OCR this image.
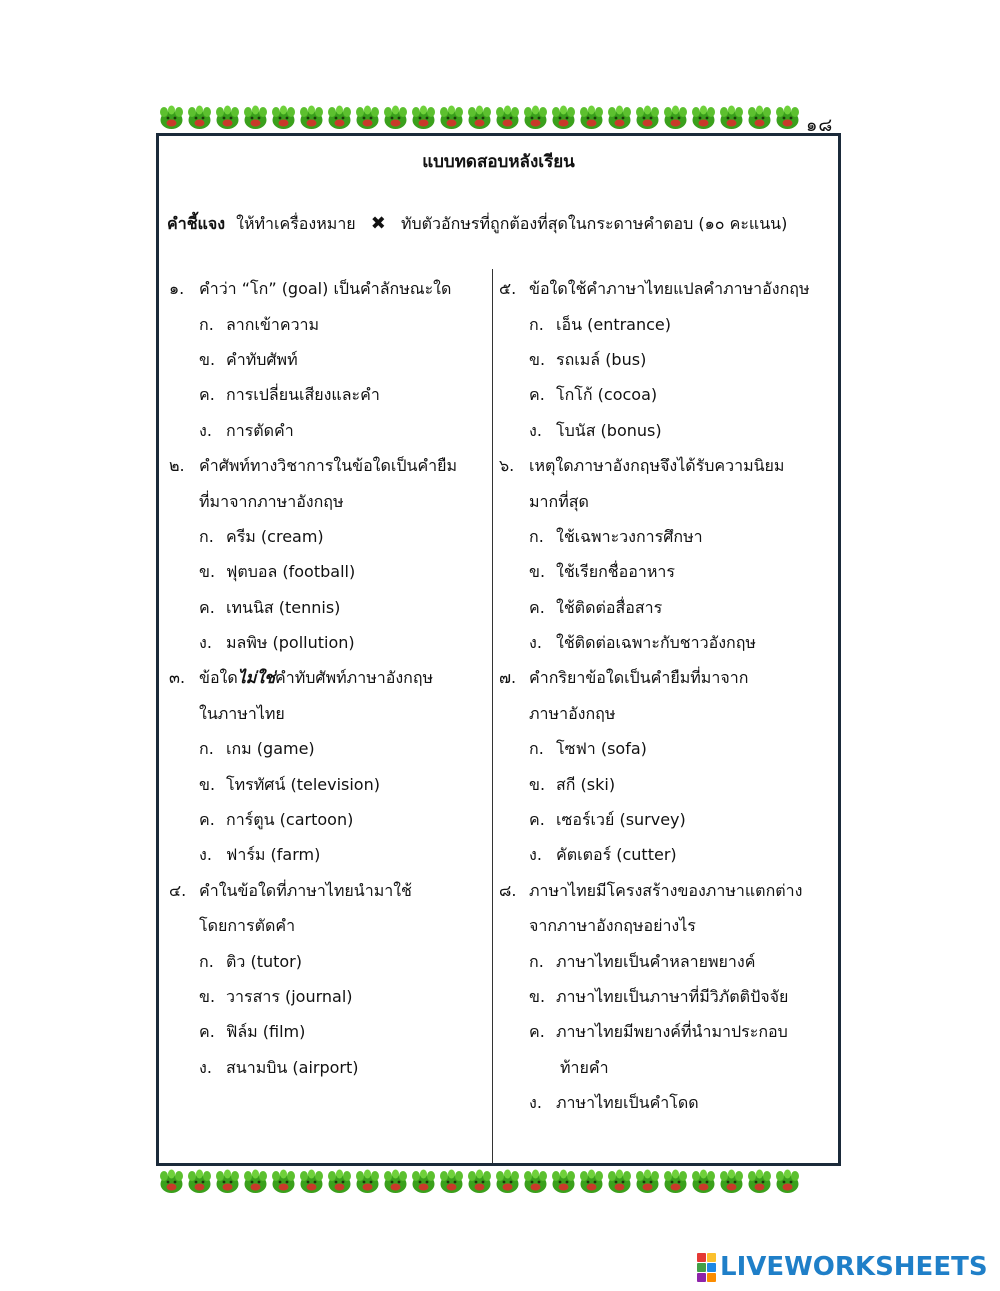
๑๘
แบบทดสอบหลังเรียน
คำชี้แจง ให้ทำเครื่องหมาย ✖ ทับตัวอักษรที่ถูกต้องที่สุดในกระดาษคำตอบ (๑๐ คะแนน)
๑. คำว่า “โก” (goal) เป็นคำลักษณะใด
ก. ลากเข้าความ
ข. คำทับศัพท์
ค. การเปลี่ยนเสียงและคำ
ง. การตัดคำ
๒. คำศัพท์ทางวิชาการในข้อใดเป็นคำยืม
ที่มาจากภาษาอังกฤษ
ก. ครีม (cream)
ข. ฟุตบอล (football)
ค. เทนนิส (tennis)
ง. มลพิษ (pollution)
๓. ข้อใดไม่ใช่คำทับศัพท์ภาษาอังกฤษ
ในภาษาไทย
ก. เกม (game)
ข. โทรทัศน์ (television)
ค. การ์ตูน (cartoon)
ง. ฟาร์ม (farm)
๔. คำในข้อใดที่ภาษาไทยนำมาใช้
โดยการตัดคำ
ก. ติว (tutor)
ข. วารสาร (journal)
ค. ฟิล์ม (film)
ง. สนามบิน (airport)
๕. ข้อใดใช้คำภาษาไทยแปลคำภาษาอังกฤษ
ก. เอ็น (entrance)
ข. รถเมล์ (bus)
ค. โกโก้ (cocoa)
ง. โบนัส (bonus)
๖. เหตุใดภาษาอังกฤษจึงได้รับความนิยม
มากที่สุด
ก. ใช้เฉพาะวงการศึกษา
ข. ใช้เรียกชื่ออาหาร
ค. ใช้ติดต่อสื่อสาร
ง. ใช้ติดต่อเฉพาะกับชาวอังกฤษ
๗. คำกริยาข้อใดเป็นคำยืมที่มาจาก
ภาษาอังกฤษ
ก. โซฟา (sofa)
ข. สกี (ski)
ค. เซอร์เวย์ (survey)
ง. คัตเตอร์ (cutter)
๘. ภาษาไทยมีโครงสร้างของภาษาแตกต่าง
จากภาษาอังกฤษอย่างไร
ก. ภาษาไทยเป็นคำหลายพยางค์
ข. ภาษาไทยเป็นภาษาที่มีวิภัตติปัจจัย
ค. ภาษาไทยมีพยางค์ที่นำมาประกอบ
ท้ายคำ
ง. ภาษาไทยเป็นคำโดด
LIVEWORKSHEETS
